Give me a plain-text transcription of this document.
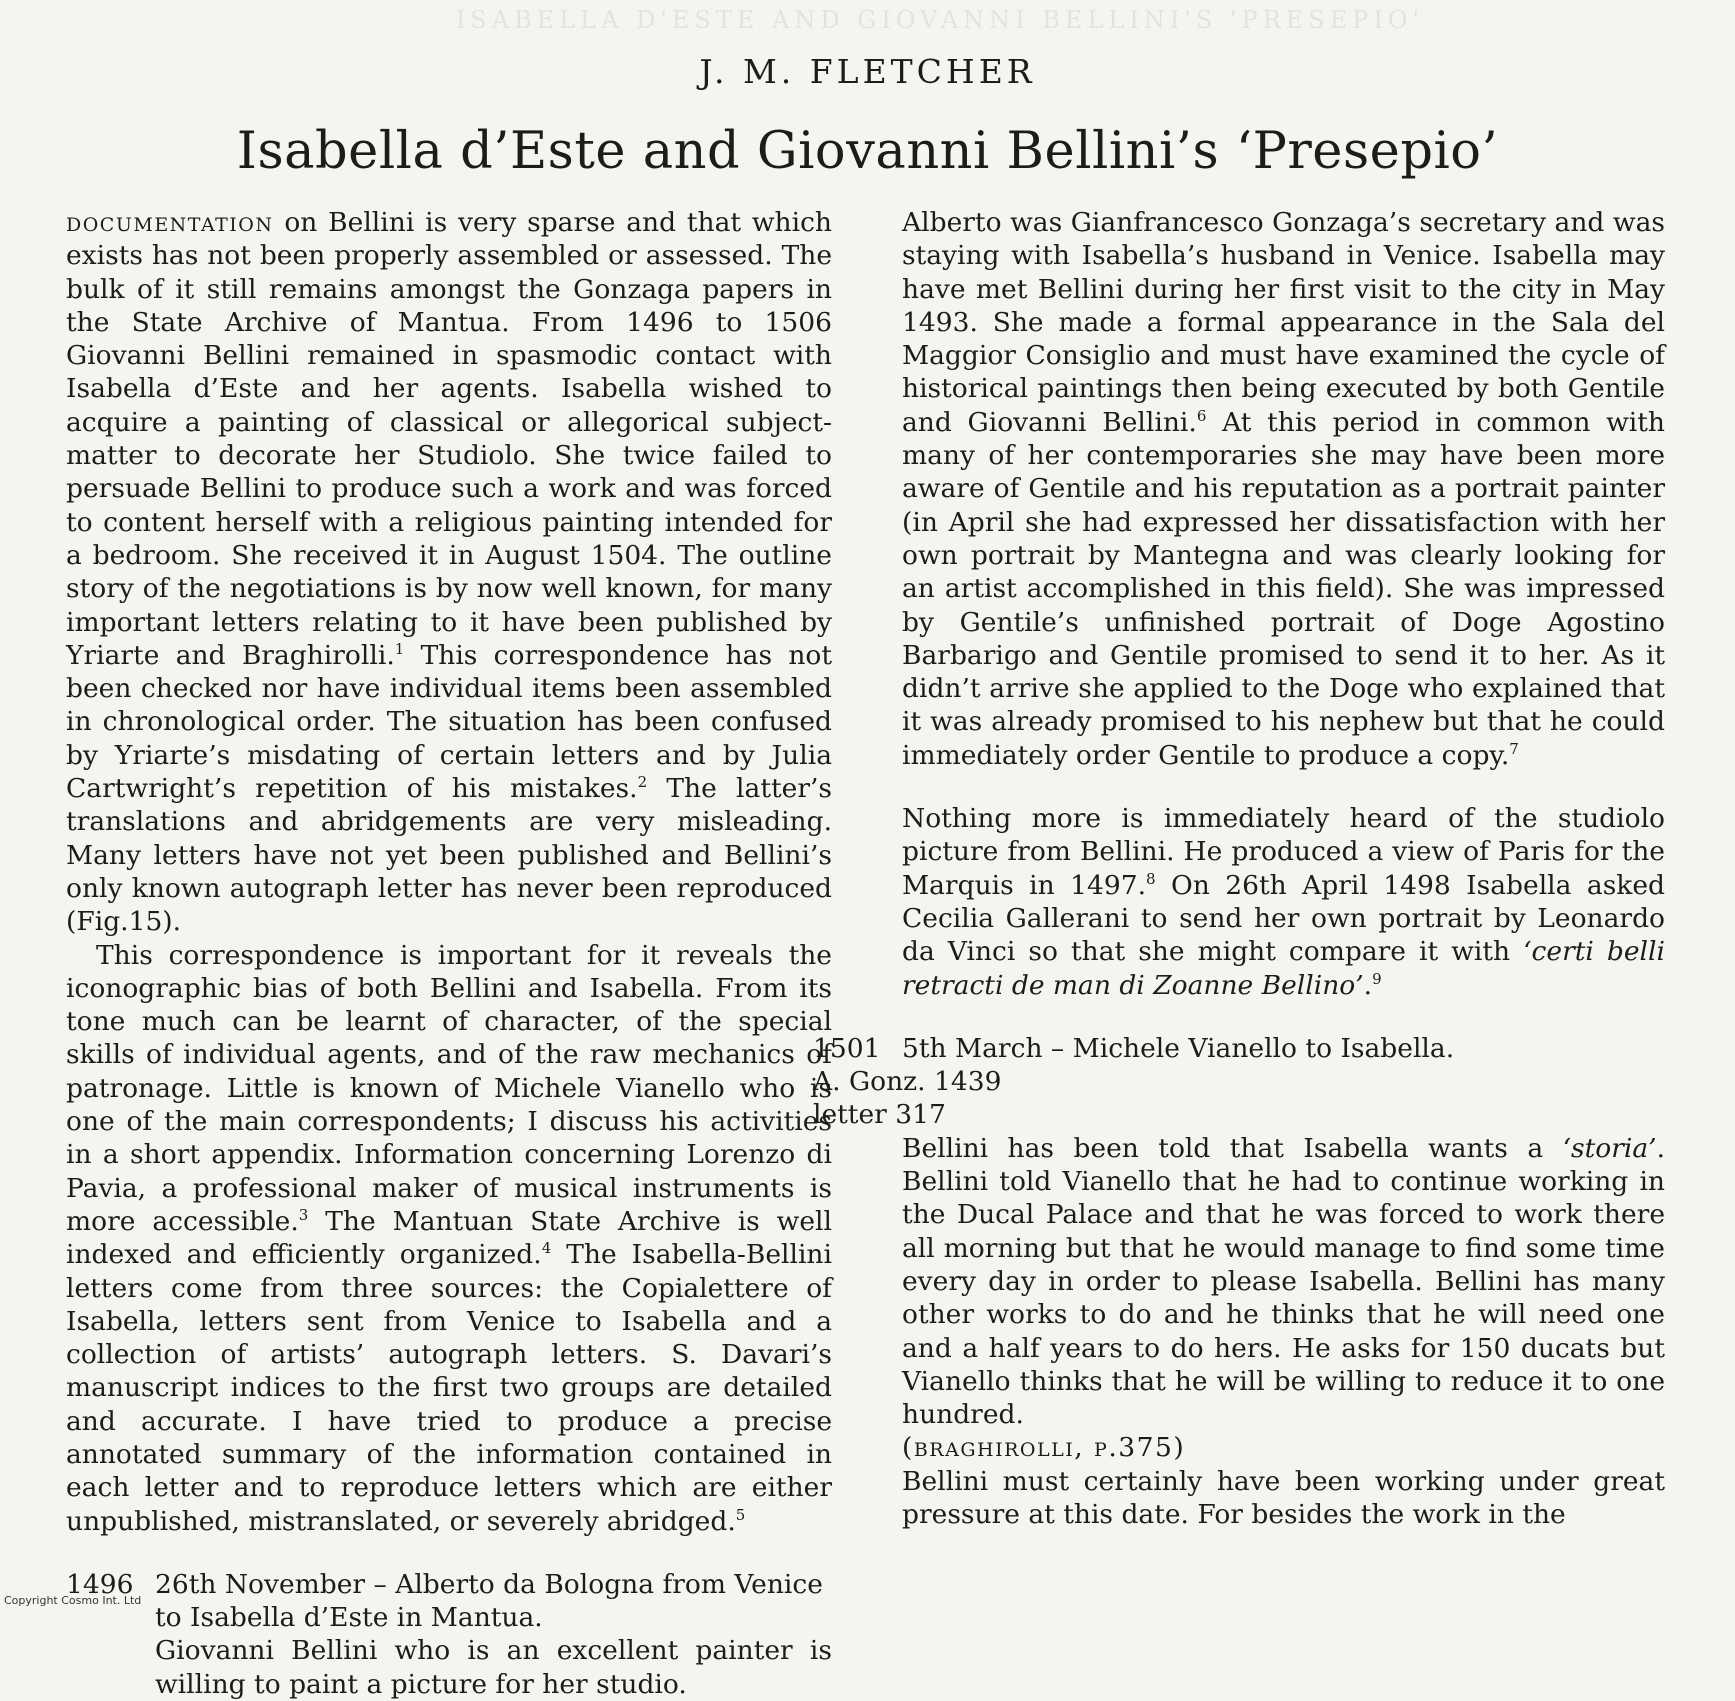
ISABELLA D'ESTE AND GIOVANNI BELLINI'S 'PRESEPIO'
J. M. FLETCHER
Isabella d’Este and Giovanni Bellini’s ‘Presepio’

documentation on Bellini is very sparse and that which exists has not been properly assembled or assessed. The bulk of it still remains amongst the Gonzaga papers in the State Archive of Mantua. From 1496 to 1506 Giovanni Bellini remained in spasmodic contact with Isabella d’Este and her agents. Isabella wished to acquire a painting of classical or allegorical subject-matter to decorate her Studiolo. She twice failed to persuade Bellini to produce such a work and was forced to content herself with a religious painting intended for a bedroom. She received it in August 1504. The outline story of the negotiations is by now well known, for many important letters relating to it have been published by Yriarte and Braghirolli.$^1$ This correspondence has not been checked nor have individual items been assembled in chronological order. The situation has been confused by Yriarte’s misdating of certain letters and by Julia Cartwright’s repetition of his mistakes.$^2$ The latter’s translations and abridgements are very misleading. Many letters have not yet been published and Bellini’s only known autograph letter has never been reproduced (Fig.15).

This correspondence is important for it reveals the iconographic bias of both Bellini and Isabella. From its tone much can be learnt of character, of the special skills of individual agents, and of the raw mechanics of patronage. Little is known of Michele Vianello who is one of the main correspondents; I discuss his activities in a short appendix. Information concerning Lorenzo di Pavia, a professional maker of musical instruments is more accessible.$^3$ The Mantuan State Archive is well indexed and efficiently organized.$^4$ The Isabella-Bellini letters come from three sources: the Copialettere of Isabella, letters sent from Venice to Isabella and a collection of artists’ autograph letters. S. Davari’s manuscript indices to the first two groups are detailed and accurate. I have tried to produce a precise annotated summary of the information contained in each letter and to reproduce letters which are either unpublished, mistranslated, or severely abridged.$^5$

1496 26th November – Alberto da Bologna from Venice to Isabella d’Este in Mantua.

Giovanni Bellini who is an excellent painter is willing to paint a picture for her studio.

Alberto was Gianfrancesco Gonzaga’s secretary and was staying with Isabella’s husband in Venice. Isabella may have met Bellini during her first visit to the city in May 1493. She made a formal appearance in the Sala del Maggior Consiglio and must have examined the cycle of historical paintings then being executed by both Gentile and Giovanni Bellini.$^6$ At this period in common with many of her contemporaries she may have been more aware of Gentile and his reputation as a portrait painter (in April she had expressed her dissatisfaction with her own portrait by Mantegna and was clearly looking for an artist accomplished in this field). She was impressed by Gentile’s unfinished portrait of Doge Agostino Barbarigo and Gentile promised to send it to her. As it didn’t arrive she applied to the Doge who explained that it was already promised to his nephew but that he could immediately order Gentile to produce a copy.$^7$

Nothing more is immediately heard of the studiolo picture from Bellini. He produced a view of Paris for the Marquis in 1497.$^8$ On 26th April 1498 Isabella asked Cecilia Gallerani to send her own portrait by Leonardo da Vinci so that she might compare it with ‘certi belli retracti de man di Zoanne Bellino’.$^9$

1501 5th March – Michele Vianello to Isabella.
A. Gonz. 1439
letter 317

Bellini has been told that Isabella wants a ‘storia’. Bellini told Vianello that he had to continue working in the Ducal Palace and that he was forced to work there all morning but that he would manage to find some time every day in order to please Isabella. Bellini has many other works to do and he thinks that he will need one and a half years to do hers. He asks for 150 ducats but Vianello thinks that he will be willing to reduce it to one hundred.

(braghirolli, p.375)

Bellini must certainly have been working under great pressure at this date. For besides the work in the

Copyright Cosmo Int. Ltd
